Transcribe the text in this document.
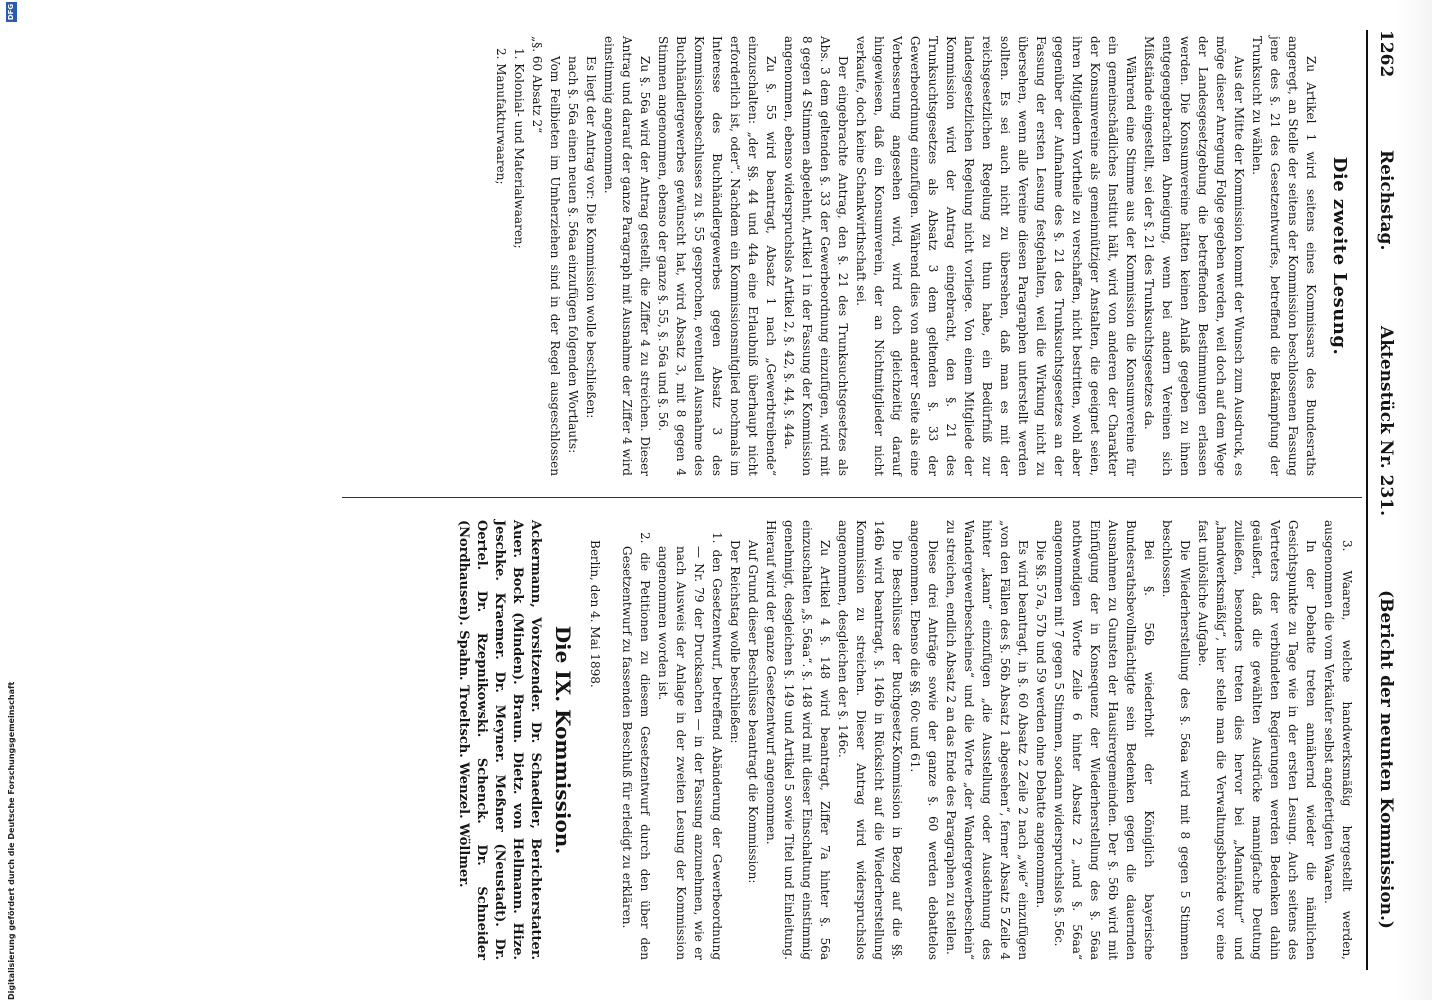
1262
Reichstag.
Aktenstück Nr. 231.
(Bericht der neunten Kommission.)
Die zweite Lesung.

Zu Artikel 1 wird seitens eines Kommissars des Bundesraths angeregt, an Stelle der seitens der Kommission beschlossenen Fassung jene des §. 21 des Gesetzentwurfes, betreffend die Bekämpfung der Trunksucht zu wählen.

Aus der Mitte der Kommission kommt der Wunsch zum Ausdruck, es möge dieser Anregung Folge gegeben werden, weil doch auf dem Wege der Landesgesetzgebung die betreffenden Bestimmungen erlassen werden. Die Konsumvereine hätten keinen Anlaß gegeben zu ihnen entgegengebrachten Abneigung, wenn bei andern Vereinen sich Mißstände eingestellt, sei der §. 21 des Trunksuchtsgesetzes da.

Während eine Stimme aus der Kommission die Konsumvereine für ein gemeinschädliches Institut hält, wird von anderen der Charakter der Konsumvereine als gemeinnütziger Anstalten, die geeignet seien, ihren Mitgliedern Vortheile zu verschaffen, nicht bestritten, wohl aber gegenüber der Aufnahme des §. 21 des Trunksuchtsgesetzes an der Fassung der ersten Lesung festgehalten, weil die Wirkung nicht zu übersehen, wenn alle Vereine diesen Paragraphen unterstellt werden sollten. Es sei auch nicht zu übersehen, daß man es mit der reichsgesetzlichen Regelung zu thun habe, ein Bedürfniß zur landesgesetzlichen Regelung nicht vorliege. Von einem Mitgliede der Kommission wird der Antrag eingebracht, den §. 21 des Trunksuchtsgesetzes als Absatz 3 dem geltenden §. 33 der Gewerbeordnung einzufügen. Während dies von anderer Seite als eine Verbesserung angesehen wird, wird doch gleichzeitig darauf hingewiesen, daß ein Konsumverein, der an Nichtmitglieder nicht verkaufe, doch keine Schankwirthschaft sei.

Der eingebrachte Antrag, den §. 21 des Trunksuchtsgesetzes als Abs. 3 dem geltenden §. 33 der Gewerbeordnung einzufügen, wird mit 8 gegen 4 Stimmen abgelehnt, Artikel 1 in der Fassung der Kommission angenommen, ebenso widerspruchslos Artikel 2, §. 42, §. 44, §. 44a.

Zu §. 55 wird beantragt, Absatz 1 nach „Gewerbtreibende“ einzuschalten: „der §§. 44 und 44a eine Erlaubniß überhaupt nicht erforderlich ist, oder“. Nachdem ein Kommissionsmitglied nochmals im Interesse des Buchhändlergewerbes gegen Absatz 3 des Kommissionsbeschlusses zu §. 55 gesprochen, eventuell Ausnahme des Buchhändlergewerbes gewünscht hat, wird Absatz 3, mit 8 gegen 4 Stimmen angenommen, ebenso der ganze §. 55, §. 56a und §. 56.

Zu §. 56a wird der Antrag gestellt, die Ziffer 4 zu streichen. Dieser Antrag und darauf der ganze Paragraph mit Ausnahme der Ziffer 4 wird einstimmig angenommen.

Es liegt der Antrag vor: Die Kommission wolle beschließen:

nach §. 56a einen neuen §. 56aa einzufügen folgenden Wortlauts:

Vom Feilbieten im Umherziehen sind in der Regel ausgeschlossen „§. 60 Absatz 2“

1. Kolonial- und Materialwaaren;
2. Manufakturwaaren;

3. Waaren, welche handwerksmäßig hergestellt werden, ausgenommen die vom Verkäufer selbst angefertigten Waaren.

In der Debatte treten annähernd wieder die nämlichen Gesichtspunkte zu Tage wie in der ersten Lesung. Auch seitens des Vertreters der verbündeten Regierungen werden Bedenken dahin geäußert, daß die gewählten Ausdrücke mannigfache Deutung zuließen, besonders treten dies hervor bei „Manufaktur“ und „handwerksmäßig“, hier stelle man die Verwaltungsbehörde vor eine fast unlösliche Aufgabe.

Die Wiederherstellung des §. 56aa wird mit 8 gegen 5 Stimmen beschlossen.

Bei §. 56b wiederholt der Königlich bayerische Bundesrathsbevollmächtigte sein Bedenken gegen die dauernden Ausnahmen zu Gunsten der Hausirergemeinden. Der §. 56b wird mit Einfügung der in Konsequenz der Wiederherstellung des §. 56aa nothwendigen Worte Zeile 6 hinter Absatz 2 „und §. 56aa“ angenommen mit 7 gegen 5 Stimmen, sodann widerspruchslos §. 56c.

Die §§. 57a, 57b und 59 werden ohne Debatte angenommen.

Es wird beantragt, in §. 60 Absatz 2 Zeile 2 nach „wie“ einzufügen „von den Fällen des §. 56b Absatz 1 abgesehen“, ferner Absatz 5 Zeile 4 hinter „kann“ einzufügen „die Ausstellung oder Ausdehnung des Wandergewerbescheines“ und die Worte „der Wandergewerbeschein“ zu streichen, endlich Absatz 2 an das Ende des Paragraphen zu stellen.

Diese drei Anträge sowie der ganze §. 60 werden debattelos angenommen. Ebenso die §§. 60c und 61.

Die Beschlüsse der Buchgesetz-Kommission in Bezug auf die §§. 146b wird beantragt, §. 146b in Rücksicht auf die Wiederherstellung Kommission zu streichen. Dieser Antrag wird widerspruchslos angenommen, desgleichen der §. 146c.

Zu Artikel 4 §. 148 wird beantragt, Ziffer 7a hinter §. 56a einzuschalten „§. 56aa“. §. 148 wird mit dieser Einschaltung einstimmig genehmigt, desgleichen §. 149 und Artikel 5 sowie Titel und Einleitung. Hierauf wird der ganze Gesetzentwurf angenommen.

Auf Grund dieser Beschlüsse beantragt die Kommission:

Der Reichstag wolle beschließen:

1. den Gesetzentwurf, betreffend Abänderung der Gewerbeordnung — Nr. 79 der Drucksachen — in der Fassung anzunehmen, wie er nach Ausweis der Anlage in der zweiten Lesung der Kommission angenommen worden ist.
2. die Petitionen zu diesem Gesetzentwurf durch den über den Gesetzentwurf zu fassenden Beschluß für erledigt zu erklären.

Berlin, den 4. Mai 1898.

Die IX. Kommission.

Ackermann, Vorsitzender. Dr. Schaedler, Berichterstatter. Auer. Bock (Minden). Braun. Dietz. von Hellmann. Hize. Jeschke. Kraemer. Dr. Meyner. Meßner (Neustadt). Dr. Oertel. Dr. Rzepnikowski. Schenck. Dr. Schneider (Nordhausen). Spahn. Troeltsch. Wenzel. Wöllmer.

Digitalisierung gefördert durch die Deutsche Forschungsgemeinschaft
DFG
